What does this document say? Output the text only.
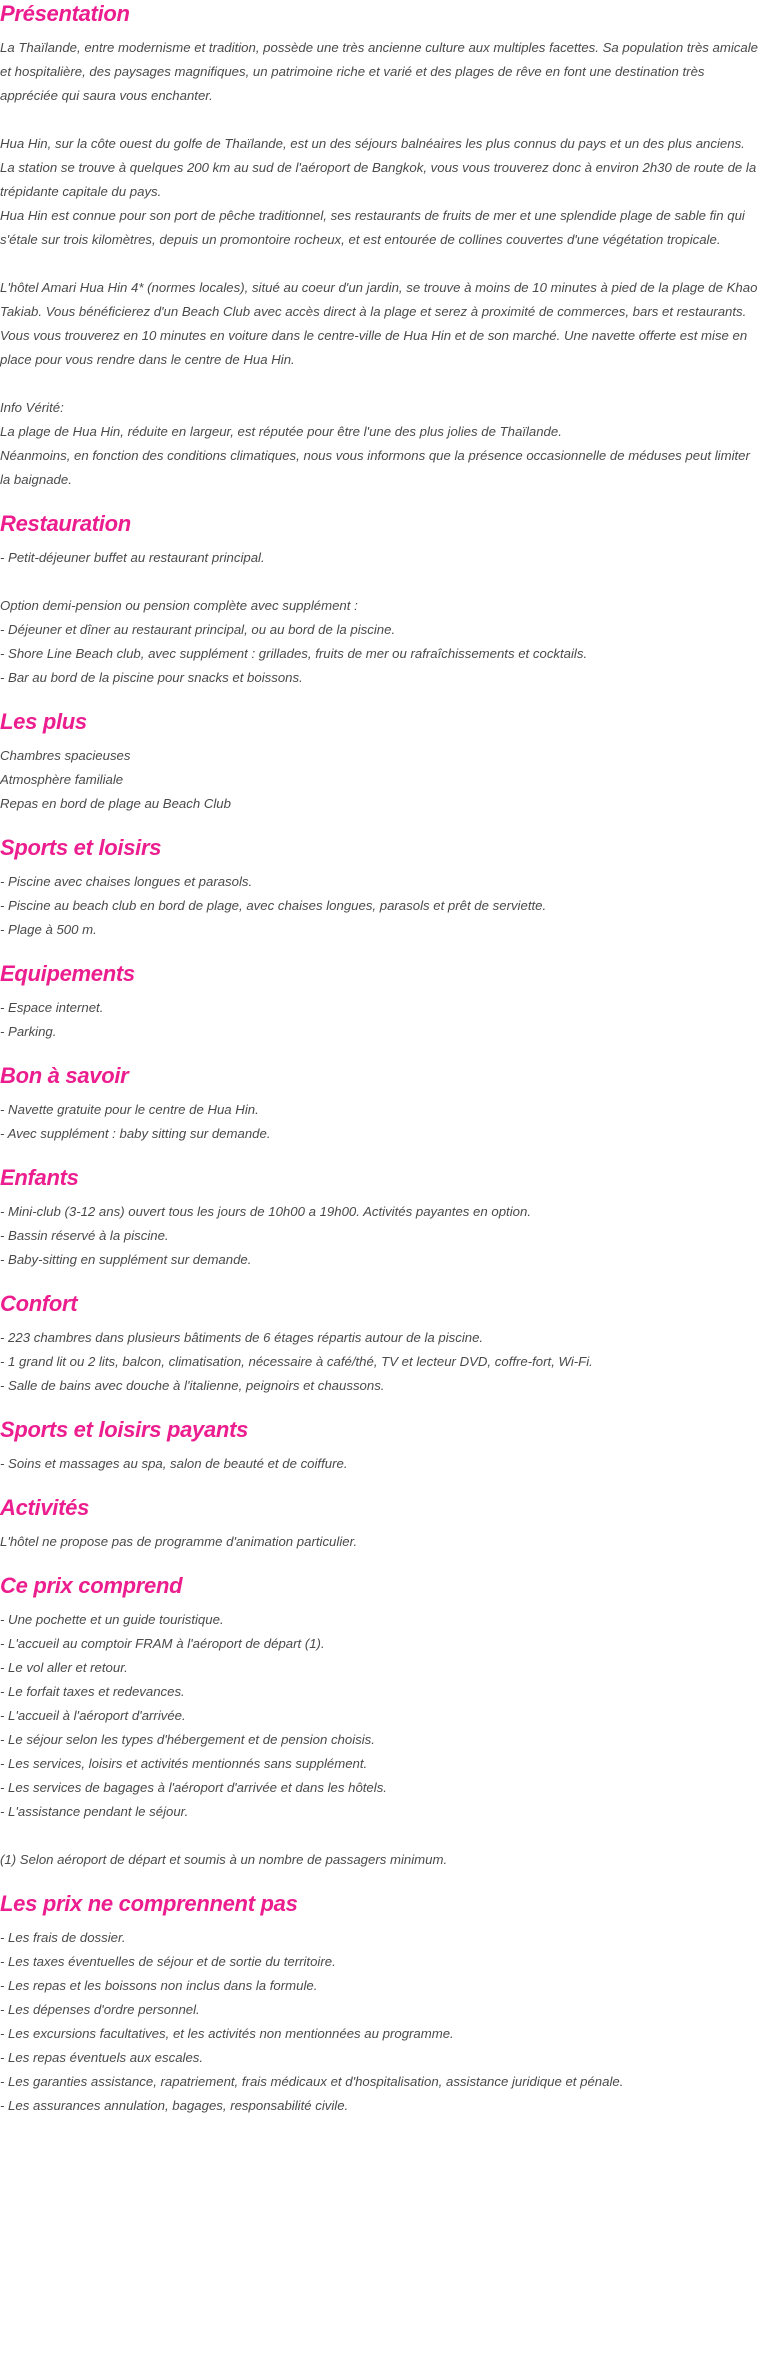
Présentation

La Thaïlande, entre modernisme et tradition, possède une très ancienne culture aux multiples facettes. Sa population très amicale et hospitalière, des paysages magnifiques, un patrimoine riche et varié et des plages de rêve en font une destination très appréciée qui saura vous enchanter.

Hua Hin, sur la côte ouest du golfe de Thaïlande, est un des séjours balnéaires les plus connus du pays et un des plus anciens. La station se trouve à quelques 200 km au sud de l'aéroport de Bangkok, vous vous trouverez donc à environ 2h30 de route de la trépidante capitale du pays.

Hua Hin est connue pour son port de pêche traditionnel, ses restaurants de fruits de mer et une splendide plage de sable fin qui s'étale sur trois kilomètres, depuis un promontoire rocheux, et est entourée de collines couvertes d'une végétation tropicale.

L'hôtel Amari Hua Hin 4* (normes locales), situé au coeur d'un jardin, se trouve à moins de 10 minutes à pied de la plage de Khao Takiab. Vous bénéficierez d'un Beach Club avec accès direct à la plage et serez à proximité de commerces, bars et restaurants.

Vous vous trouverez en 10 minutes en voiture dans le centre-ville de Hua Hin et de son marché. Une navette offerte est mise en place pour vous rendre dans le centre de Hua Hin.

Info Vérité:

La plage de Hua Hin, réduite en largeur, est réputée pour être l'une des plus jolies de Thaïlande.

Néanmoins, en fonction des conditions climatiques, nous vous informons que la présence occasionnelle de méduses peut limiter la baignade.

Restauration

- Petit-déjeuner buffet au restaurant principal.

Option demi-pension ou pension complète avec supplément :

- Déjeuner et dîner au restaurant principal, ou au bord de la piscine.

- Shore Line Beach club, avec supplément : grillades, fruits de mer ou rafraîchissements et cocktails.

- Bar au bord de la piscine pour snacks et boissons.

Les plus

Chambres spacieuses

Atmosphère familiale

Repas en bord de plage au Beach Club

Sports et loisirs

- Piscine avec chaises longues et parasols.

- Piscine au beach club en bord de plage, avec chaises longues, parasols et prêt de serviette.

- Plage à 500 m.

Equipements

- Espace internet.

- Parking.

Bon à savoir

- Navette gratuite pour le centre de Hua Hin.

- Avec supplément : baby sitting sur demande.

Enfants

- Mini-club (3-12 ans) ouvert tous les jours de 10h00 a 19h00. Activités payantes en option.

- Bassin réservé à la piscine.

- Baby-sitting en supplément sur demande.

Confort

- 223 chambres dans plusieurs bâtiments de 6 étages répartis autour de la piscine.

- 1 grand lit ou 2 lits, balcon, climatisation, nécessaire à café/thé, TV et lecteur DVD, coffre-fort, Wi-Fi.

- Salle de bains avec douche à l'italienne, peignoirs et chaussons.

Sports et loisirs payants

- Soins et massages au spa, salon de beauté et de coiffure.

Activités

L'hôtel ne propose pas de programme d'animation particulier.

Ce prix comprend

- Une pochette et un guide touristique.

- L'accueil au comptoir FRAM à l'aéroport de départ (1).

- Le vol aller et retour.

- Le forfait taxes et redevances.

- L'accueil à l'aéroport d'arrivée.

- Le séjour selon les types d'hébergement et de pension choisis.

- Les services, loisirs et activités mentionnés sans supplément.

- Les services de bagages à l'aéroport d'arrivée et dans les hôtels.

- L'assistance pendant le séjour.

(1) Selon aéroport de départ et soumis à un nombre de passagers minimum.

Les prix ne comprennent pas

- Les frais de dossier.

- Les taxes éventuelles de séjour et de sortie du territoire.

- Les repas et les boissons non inclus dans la formule.

- Les dépenses d'ordre personnel.

- Les excursions facultatives, et les activités non mentionnées au programme.

- Les repas éventuels aux escales.

- Les garanties assistance, rapatriement, frais médicaux et d'hospitalisation, assistance juridique et pénale.

- Les assurances annulation, bagages, responsabilité civile.
